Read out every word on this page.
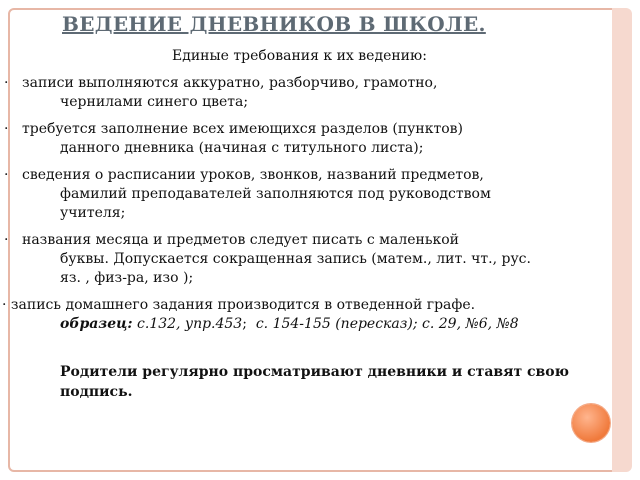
ВЕДЕНИЕ ДНЕВНИКОВ В ШКОЛЕ.
Единые требования к их ведению:
· записи выполняются аккуратно, разборчиво, грамотно,
чернилами синего цвета;
· требуется заполнение всех имеющихся разделов (пунктов)
данного дневника (начиная с титульного листа);
· сведения о расписании уроков, звонков, названий предметов,
фамилий преподавателей заполняются под руководством учителя;
· названия месяца и предметов следует писать с маленькой
буквы. Допускается сокращенная запись (матем., лит. чт., рус. яз. , физ-ра, изо );
· запись домашнего задания производится в отведенной графе.
образец: с.132, упр.453; с. 154-155 (пересказ); с. 29, №6, №8
Родители регулярно просматривают дневники и ставят свою подпись.
